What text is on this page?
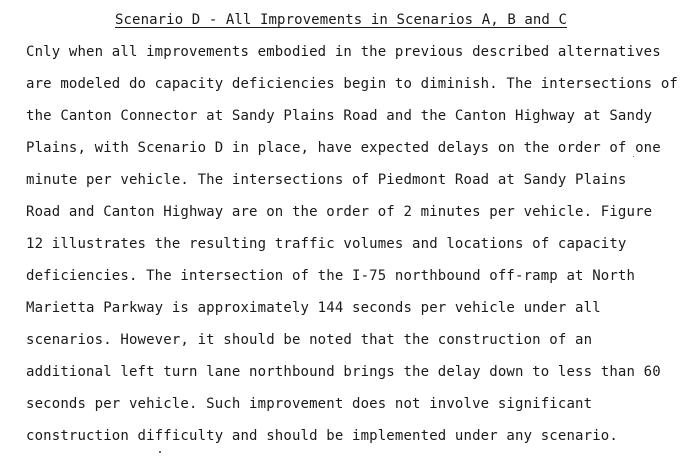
Scenario D - All Improvements in Scenarios A, B and C
Cnly when all improvements embodied in the previous described alternatives
are modeled do capacity deficiencies begin to diminish. The intersections of
the Canton Connector at Sandy Plains Road and the Canton Highway at Sandy
Plains, with Scenario D in place, have expected delays on the order of one
minute per vehicle. The intersections of Piedmont Road at Sandy Plains
Road and Canton Highway are on the order of 2 minutes per vehicle. Figure
12 illustrates the resulting traffic volumes and locations of capacity
deficiencies. The intersection of the I-75 northbound off-ramp at North
Marietta Parkway is approximately 144 seconds per vehicle under all
scenarios. However, it should be noted that the construction of an
additional left turn lane northbound brings the delay down to less than 60
seconds per vehicle. Such improvement does not involve significant
construction difficulty and should be implemented under any scenario.
